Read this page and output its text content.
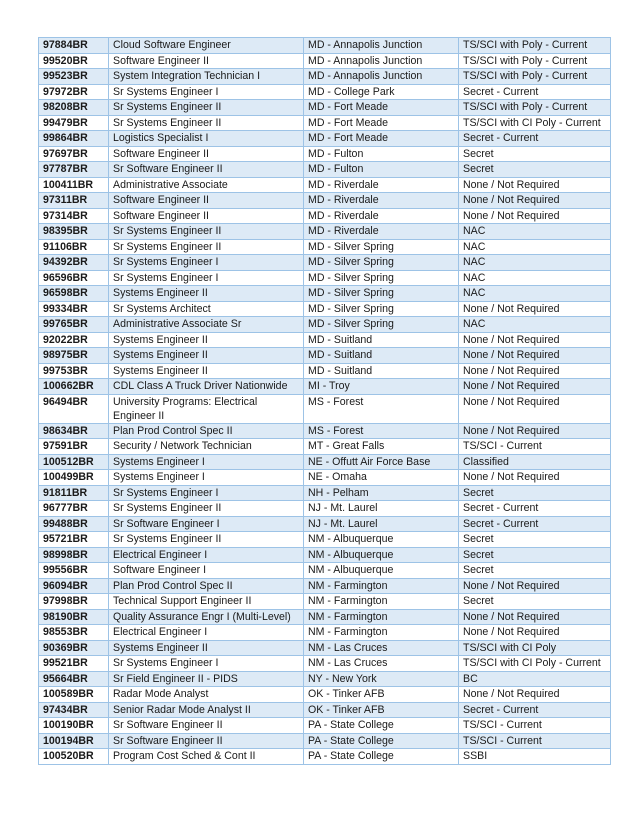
97884BR	Cloud Software Engineer	MD - Annapolis Junction	TS/SCI with Poly - Current
99520BR	Software Engineer II	MD - Annapolis Junction	TS/SCI with Poly - Current
99523BR	System Integration Technician I	MD - Annapolis Junction	TS/SCI with Poly - Current
97972BR	Sr Systems Engineer I	MD - College Park	Secret - Current
98208BR	Sr Systems Engineer II	MD - Fort Meade	TS/SCI with Poly - Current
99479BR	Sr Systems Engineer II	MD - Fort Meade	TS/SCI with CI Poly - Current
99864BR	Logistics Specialist I	MD - Fort Meade	Secret - Current
97697BR	Software Engineer II	MD - Fulton	Secret
97787BR	Sr Software Engineer II	MD - Fulton	Secret
100411BR	Administrative Associate	MD - Riverdale	None / Not Required
97311BR	Software Engineer II	MD - Riverdale	None / Not Required
97314BR	Software Engineer II	MD - Riverdale	None / Not Required
98395BR	Sr Systems Engineer II	MD - Riverdale	NAC
91106BR	Sr Systems Engineer II	MD - Silver Spring	NAC
94392BR	Sr Systems Engineer I	MD - Silver Spring	NAC
96596BR	Sr Systems Engineer I	MD - Silver Spring	NAC
96598BR	Systems Engineer II	MD - Silver Spring	NAC
99334BR	Sr Systems Architect	MD - Silver Spring	None / Not Required
99765BR	Administrative Associate Sr	MD - Silver Spring	NAC
92022BR	Systems Engineer II	MD - Suitland	None / Not Required
98975BR	Systems Engineer II	MD - Suitland	None / Not Required
99753BR	Systems Engineer II	MD - Suitland	None / Not Required
100662BR	CDL Class A Truck Driver Nationwide	MI - Troy	None / Not Required
96494BR	University Programs: Electrical Engineer II	MS - Forest	None / Not Required
98634BR	Plan Prod Control Spec II	MS - Forest	None / Not Required
97591BR	Security / Network Technician	MT - Great Falls	TS/SCI - Current
100512BR	Systems Engineer I	NE - Offutt Air Force Base	Classified
100499BR	Systems Engineer I	NE - Omaha	None / Not Required
91811BR	Sr Systems Engineer I	NH - Pelham	Secret
96777BR	Sr Systems Engineer II	NJ - Mt. Laurel	Secret - Current
99488BR	Sr Software Engineer I	NJ - Mt. Laurel	Secret - Current
95721BR	Sr Systems Engineer II	NM - Albuquerque	Secret
98998BR	Electrical Engineer I	NM - Albuquerque	Secret
99556BR	Software Engineer I	NM - Albuquerque	Secret
96094BR	Plan Prod Control Spec II	NM - Farmington	None / Not Required
97998BR	Technical Support Engineer II	NM - Farmington	Secret
98190BR	Quality Assurance Engr I (Multi-Level)	NM - Farmington	None / Not Required
98553BR	Electrical Engineer I	NM - Farmington	None / Not Required
90369BR	Systems Engineer II	NM - Las Cruces	TS/SCI with CI Poly
99521BR	Sr Systems Engineer I	NM - Las Cruces	TS/SCI with CI Poly - Current
95664BR	Sr Field Engineer II - PIDS	NY - New York	BC
100589BR	Radar Mode Analyst	OK - Tinker AFB	None / Not Required
97434BR	Senior Radar Mode Analyst II	OK - Tinker AFB	Secret - Current
100190BR	Sr Software Engineer II	PA - State College	TS/SCI - Current
100194BR	Sr Software Engineer II	PA - State College	TS/SCI - Current
100520BR	Program Cost Sched & Cont II	PA - State College	SSBI
